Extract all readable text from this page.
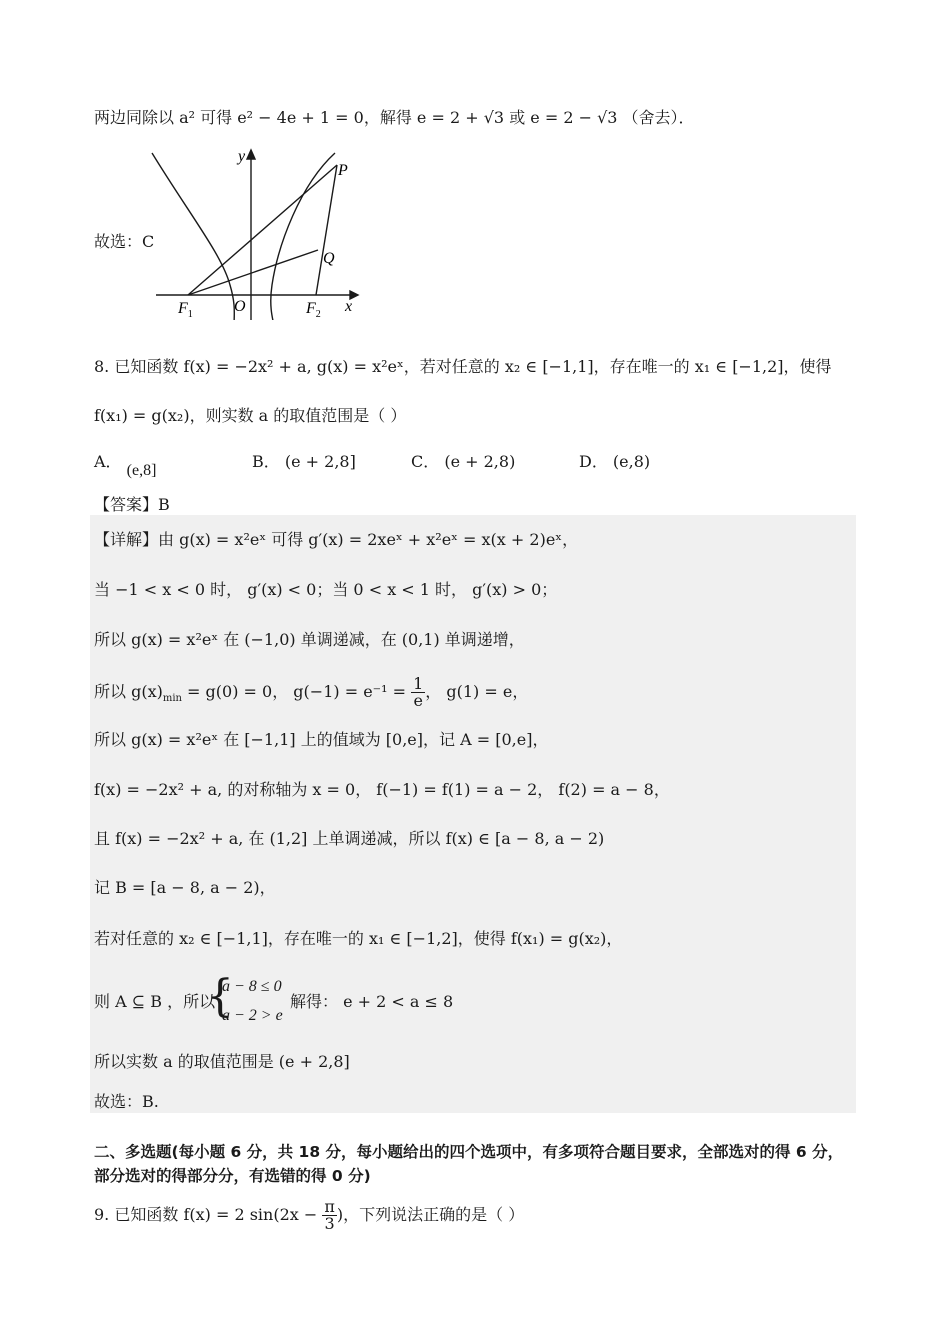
两边同除以 a² 可得 e² − 4e + 1 = 0，解得 e = 2 + √3 或 e = 2 − √3 （舍去）．
故选：C
y
P
Q
$F_1$	O	$F_2$ x
8. 已知函数 f(x) = −2x² + a, g(x) = x²eˣ，若对任意的 x₂ ∈ [−1,1]，存在唯一的 x₁ ∈ [−1,2]，使得
f(x₁) = g(x₂)，则实数 a 的取值范围是（ ）
A． (e,8]	B． (e + 2,8]	C． (e + 2,8)	D． (e,8)
【答案】B
【详解】由 g(x) = x²eˣ 可得 g′(x) = 2xeˣ + x²eˣ = x(x + 2)eˣ，
当 −1 < x < 0 时， g′(x) < 0；当 0 < x < 1 时， g′(x) > 0；
所以 g(x) = x²eˣ 在 (−1,0) 单调递减，在 (0,1) 单调递增，
所以 $g(x)_{min} = g(0) = 0$， $g(-1) = e^{-1} = \frac{1}{e}$ ， g(1) = e，
所以 g(x) = x²eˣ 在 [−1,1] 上的值域为 [0,e]，记 A = [0,e]，
f(x) = −2x² + a, 的对称轴为 x = 0， f(−1) = f(1) = a − 2， f(2) = a − 8，
且 f(x) = −2x² + a, 在 (1,2] 上单调递减，所以 f(x) ∈ [a − 8, a − 2)
记 B = [a − 8, a − 2)，
若对任意的 x₂ ∈ [−1,1]，存在唯一的 x₁ ∈ [−1,2]，使得 f(x₁) = g(x₂)，
则 A ⊆ B ，所以
{
a − 8 ≤ 0
a − 2 > e
解得： e + 2 < a ≤ 8
所以实数 a 的取值范围是 (e + 2,8]
故选：B.
二、多选题(每小题 6 分，共 18 分，每小题给出的四个选项中，有多项符合题目要求，全部选对的得 6 分，部分选对的得部分分，有选错的得 0 分)
9. 已知函数 f(x) = 2 $\sin(2x - \frac{\pi}{3}$ )，下列说法正确的是（ ）
